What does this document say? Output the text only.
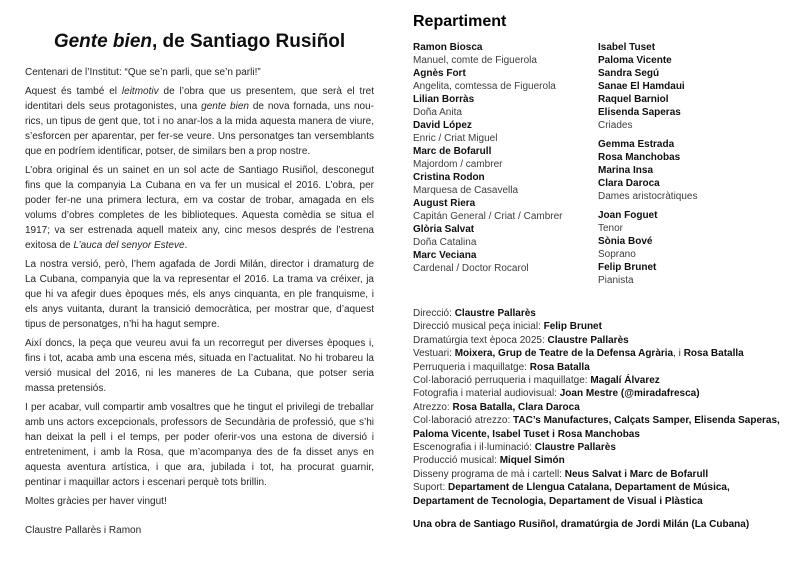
Gente bien, de Santiago Rusiñol

Centenari de l’Institut: “Que se’n parli, que se’n parli!”

Aquest és també el leitmotiv de l’obra que us presentem, que serà el tret identitari dels seus protagonistes, una gente bien de nova fornada, uns nou-rics, un tipus de gent que, tot i no anar-los a la mida aquesta manera de viure, s’esforcen per aparentar, per fer-se veure. Uns personatges tan versemblants que en podríem identificar, potser, de similars ben a prop nostre.

L’obra original és un sainet en un sol acte de Santiago Rusiñol, desconegut fins que la companyia La Cubana en va fer un musical el 2016. L’obra, per poder fer-ne una primera lectura, em va costar de trobar, amagada en els volums d’obres completes de les biblioteques. Aquesta comèdia se situa el 1917; va ser estrenada aquell mateix any, cinc mesos després de l’estrena exitosa de L’auca del senyor Esteve.

La nostra versió, però, l’hem agafada de Jordi Milán, director i dramaturg de La Cubana, companyia que la va representar el 2016. La trama va créixer, ja que hi va afegir dues èpoques més, els anys cinquanta, en ple franquisme, i els anys vuitanta, durant la transició democràtica, per mostrar que, d’aquest tipus de personatges, n’hi ha hagut sempre.

Així doncs, la peça que veureu avui fa un recorregut per diverses èpoques i, fins i tot, acaba amb una escena més, situada en l’actualitat. No hi trobareu la versió musical del 2016, ni les maneres de La Cubana, que potser seria massa pretensiós.

I per acabar, vull compartir amb vosaltres que he tingut el privilegi de treballar amb uns actors excepcionals, professors de Secundària de professió, que s’hi han deixat la pell i el temps, per poder oferir-vos una estona de diversió i entreteniment, i amb la Rosa, que m’acompanya des de fa disset anys en aquesta aventura artística, i que ara, jubilada i tot, ha procurat guarnir, pentinar i maquillar actors i escenari perquè tots brillin.

Moltes gràcies per haver vingut!

Claustre Pallarès i Ramon

Repartiment
Ramon Biosca
Manuel, comte de Figuerola
Agnès Fort
Angelita, comtessa de Figuerola
Lilian Borràs
Doña Anita
David López
Enric / Criat Miguel
Marc de Bofarull
Majordom / cambrer
Cristina Rodon
Marquesa de Casavella
August Riera
Capitán General / Criat / Cambrer
Glòria Salvat
Doña Catalina
Marc Veciana
Cardenal / Doctor Rocarol
Isabel Tuset
Paloma Vicente
Sandra Segú
Sanae El Hamdaui
Raquel Barniol
Elisenda Saperas
Criades
Gemma Estrada
Rosa Manchobas
Marina Insa
Clara Daroca
Dames aristocràtiques
Joan Foguet
Tenor
Sònia Bové
Soprano
Felip Brunet
Pianista

Direcció: Claustre Pallarès

Direcció musical peça inicial: Felip Brunet

Dramatúrgia text època 2025: Claustre Pallarès

Vestuari: Moixera, Grup de Teatre de la Defensa Agrària, i Rosa Batalla

Perruqueria i maquillatge: Rosa Batalla

Col·laboració perruqueria i maquillatge: Magalí Álvarez

Fotografia i material audiovisual: Joan Mestre (@miradafresca)

Atrezzo: Rosa Batalla, Clara Daroca

Col·laboració atrezzo: TAC’s Manufactures, Calçats Samper, Elisenda Saperas, Paloma Vicente, Isabel Tuset i Rosa Manchobas

Escenografia i il·luminació: Claustre Pallarès

Producció musical: Miquel Simón

Disseny programa de mà i cartell: Neus Salvat i Marc de Bofarull

Suport: Departament de Llengua Catalana, Departament de Música, Departament de Tecnologia, Departament de Visual i Plàstica

Una obra de Santiago Rusiñol, dramatúrgia de Jordi Milán (La Cubana)
